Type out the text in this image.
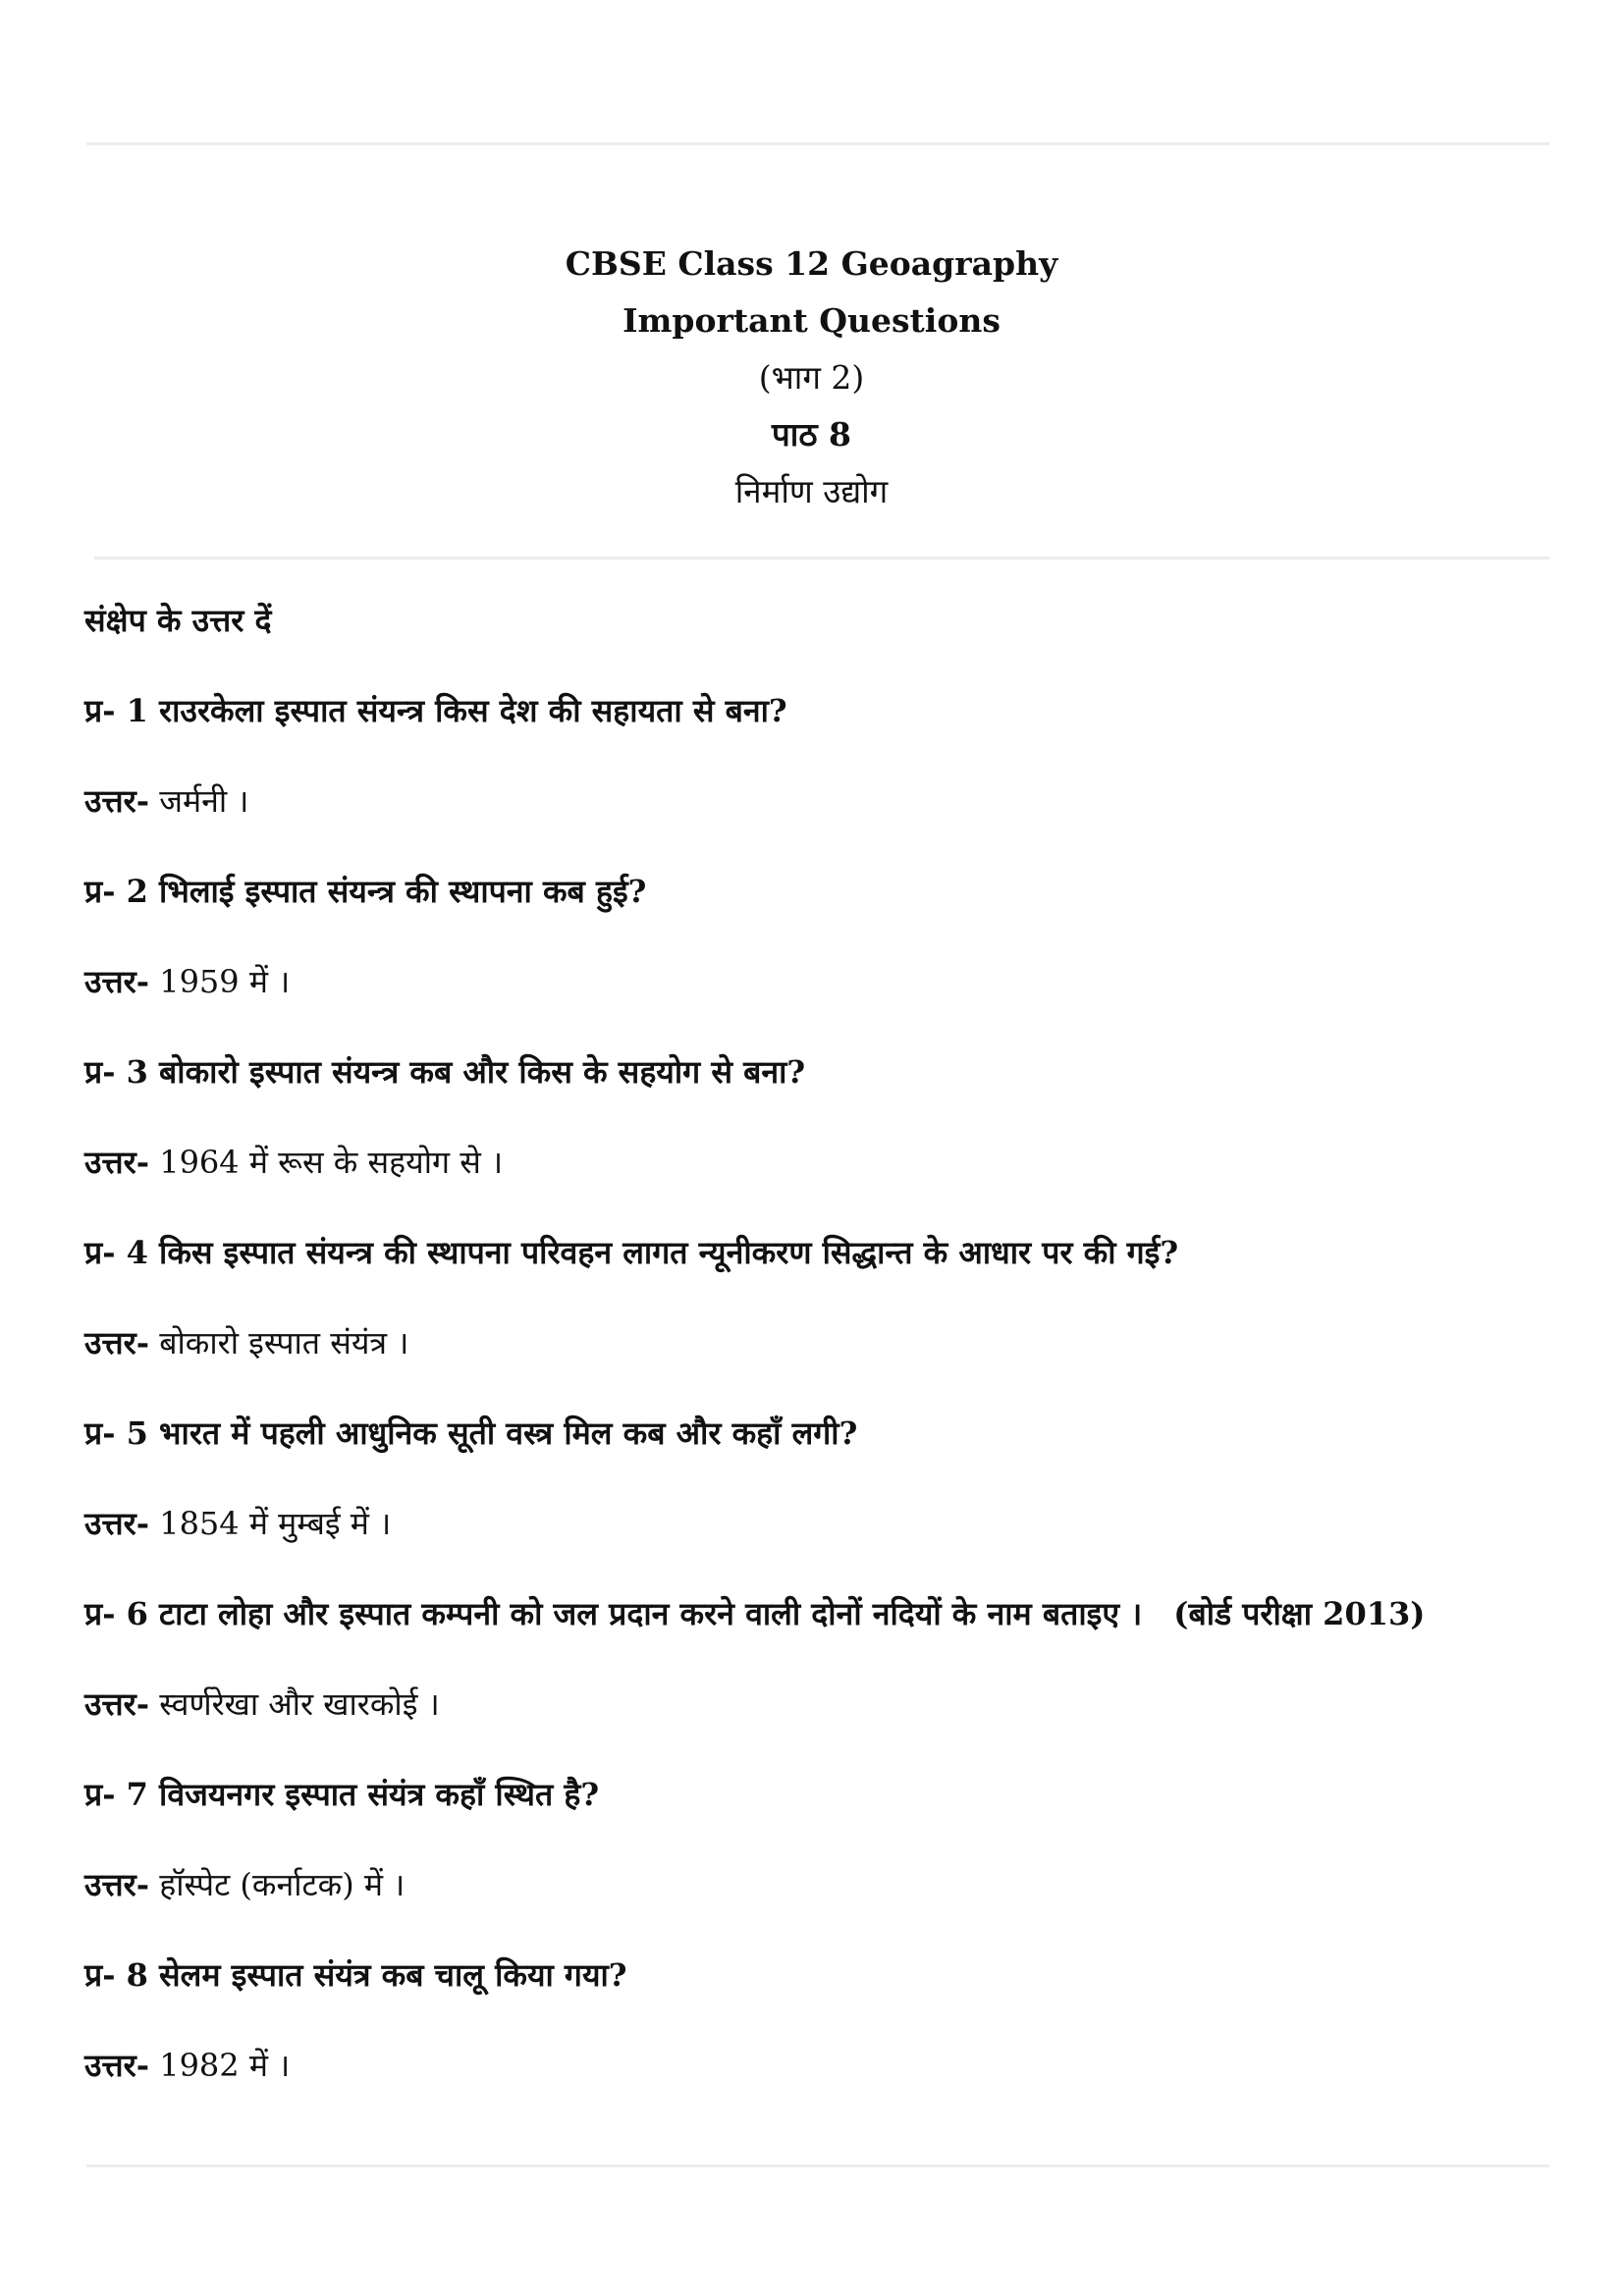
CBSE Class 12 Geoagraphy
Important Questions
(भाग 2)
पाठ 8
निर्माण उद्योग
संक्षेप के उत्तर दें
प्र- 1 राउरकेला इस्पात संयन्त्र किस देश की सहायता से बना?
उत्तर- जर्मनी ।
प्र- 2 भिलाई इस्पात संयन्त्र की स्थापना कब हुई?
उत्तर- 1959 में ।
प्र- 3 बोकारो इस्पात संयन्त्र कब और किस के सहयोग से बना?
उत्तर- 1964 में रूस के सहयोग से ।
प्र- 4 किस इस्पात संयन्त्र की स्थापना परिवहन लागत न्यूनीकरण सिद्धान्त के आधार पर की गई?
उत्तर- बोकारो इस्पात संयंत्र ।
प्र- 5 भारत में पहली आधुनिक सूती वस्त्र मिल कब और कहाँ लगी?
उत्तर- 1854 में मुम्बई में ।
प्र- 6 टाटा लोहा और इस्पात कम्पनी को जल प्रदान करने वाली दोनों नदियों के नाम बताइए । (बोर्ड परीक्षा 2013)
उत्तर- स्वर्णरेखा और खारकोई ।
प्र- 7 विजयनगर इस्पात संयंत्र कहाँ स्थित है?
उत्तर- हॉस्पेट (कर्नाटक) में ।
प्र- 8 सेलम इस्पात संयंत्र कब चालू किया गया?
उत्तर- 1982 में ।
